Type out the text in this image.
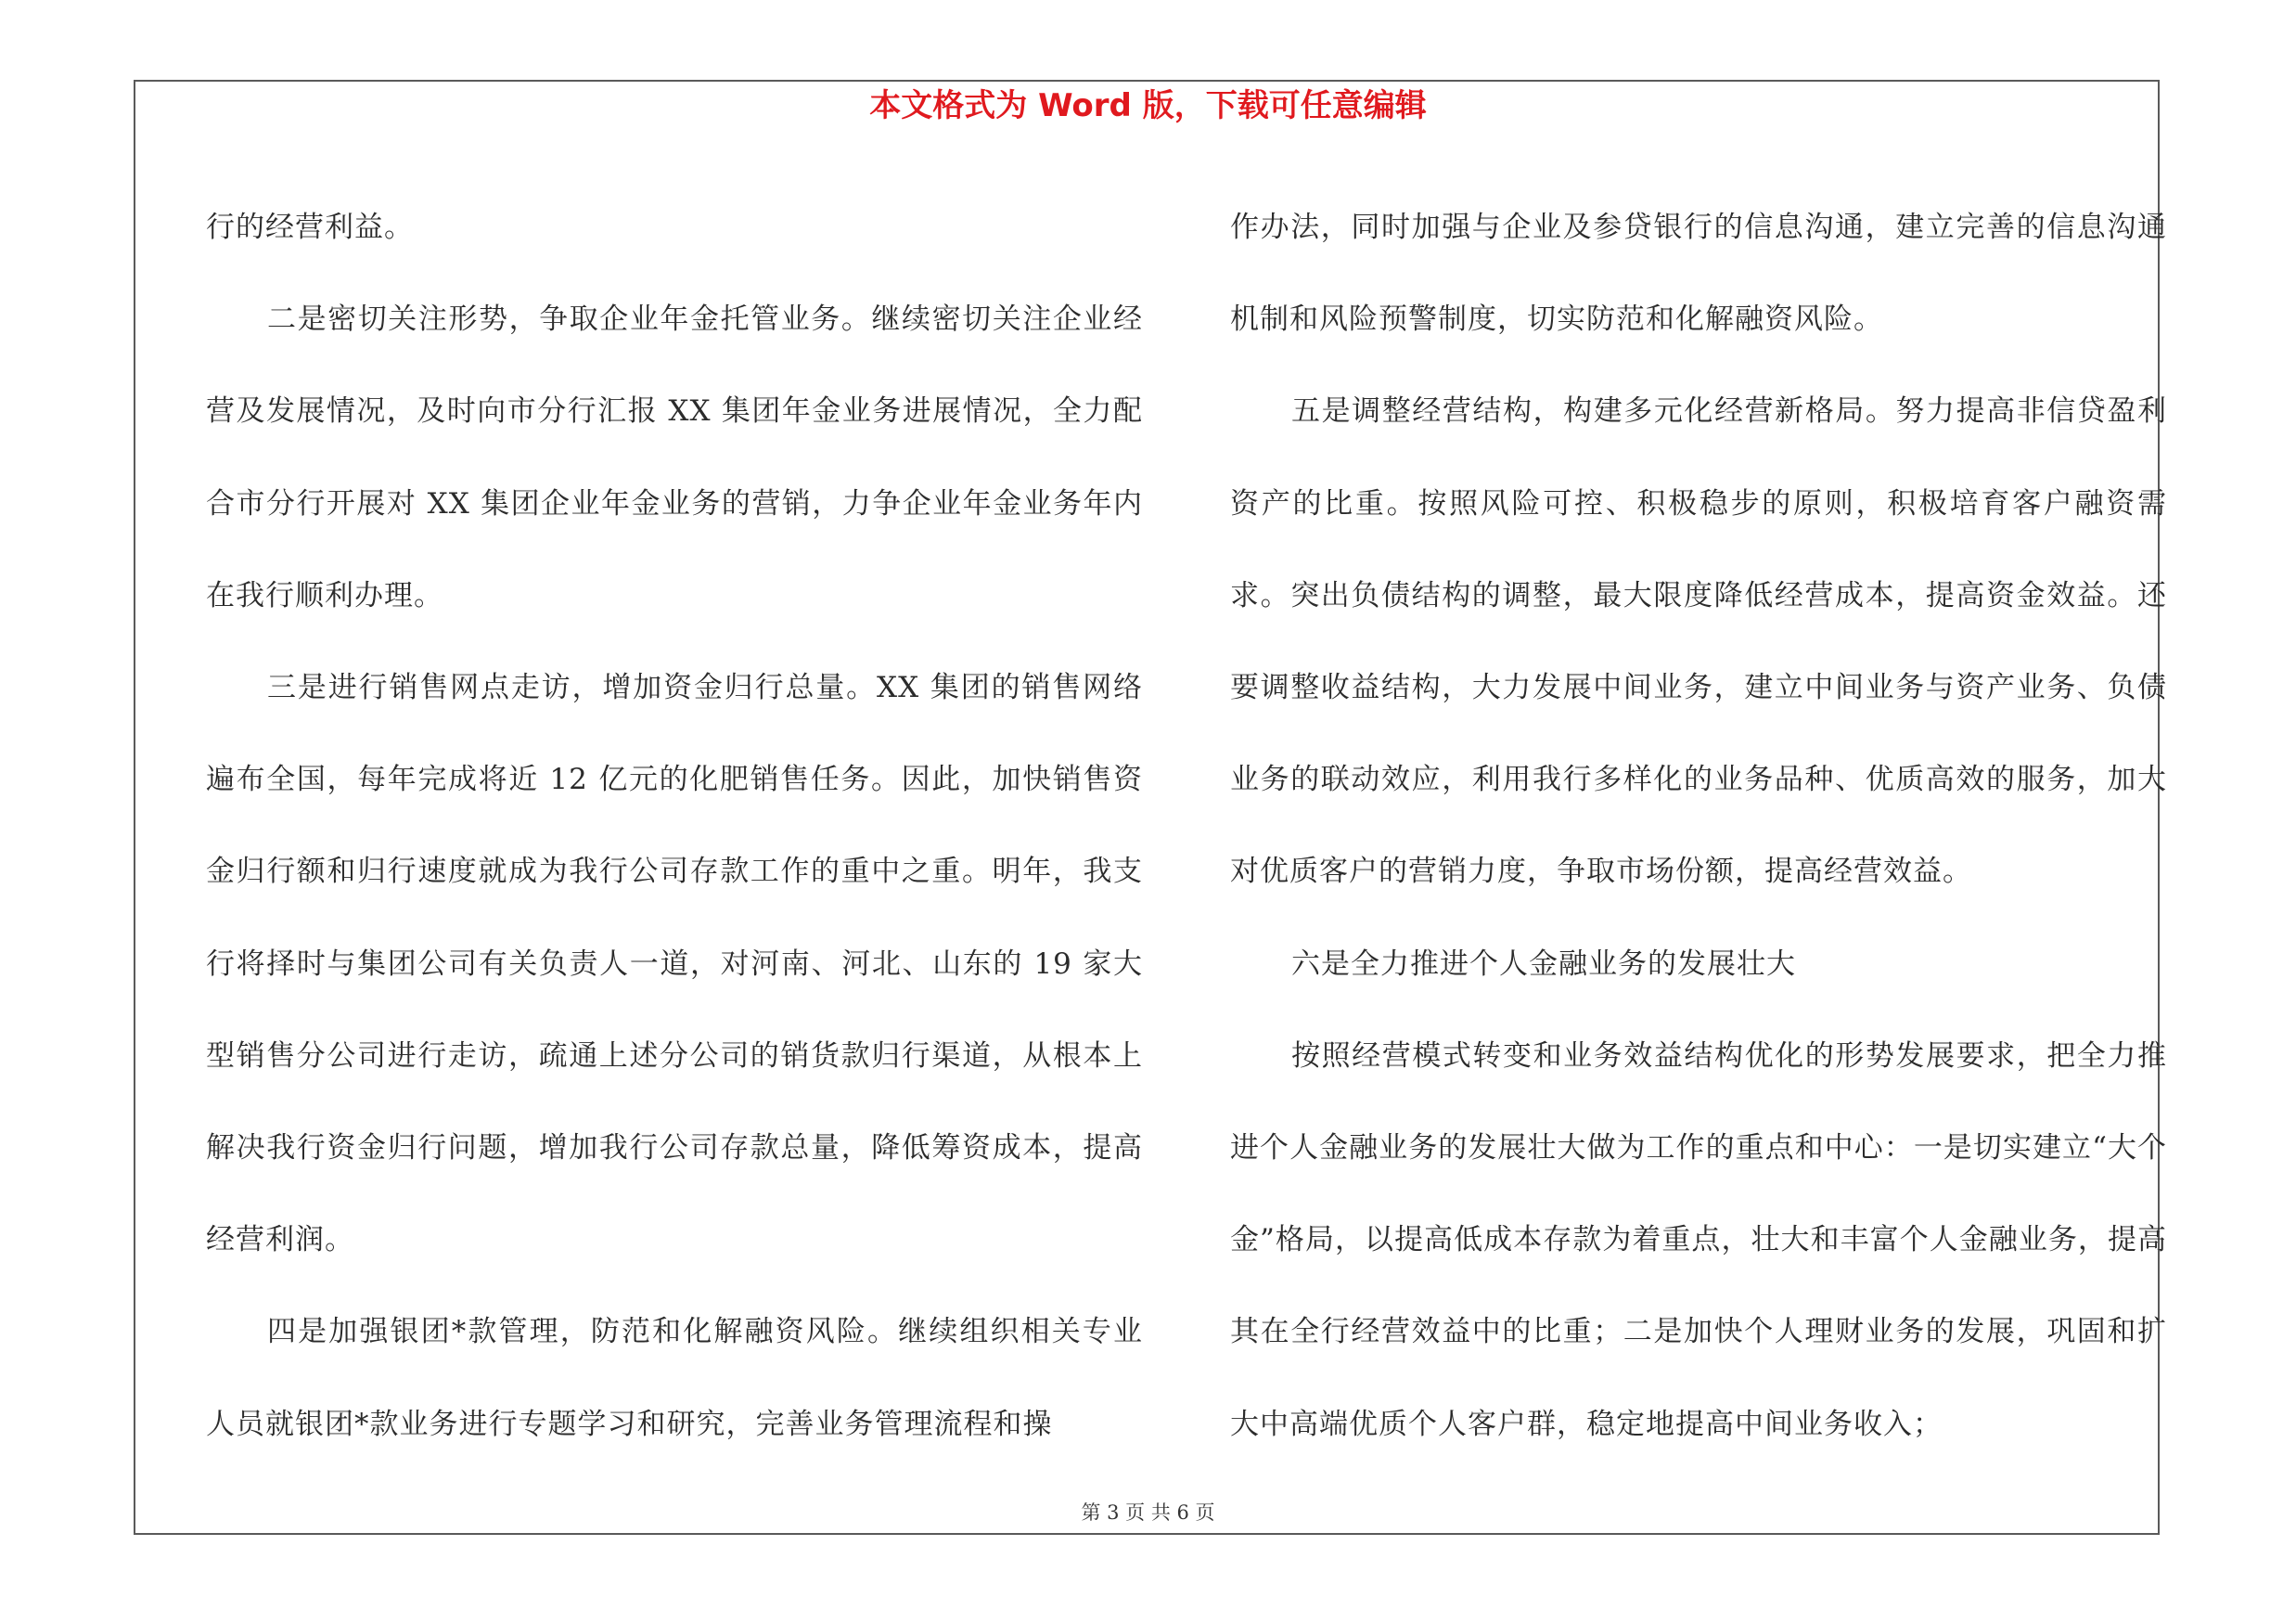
本文格式为 Word 版，下载可任意编辑

行的经营利益。

二是密切关注形势，争取企业年金托管业务。继续密切关注企业经营及发展情况，及时向市分行汇报 XX 集团年金业务进展情况，全力配合市分行开展对 XX 集团企业年金业务的营销，力争企业年金业务年内在我行顺利办理。

三是进行销售网点走访，增加资金归行总量。XX 集团的销售网络遍布全国，每年完成将近 12 亿元的化肥销售任务。因此，加快销售资金归行额和归行速度就成为我行公司存款工作的重中之重。明年，我支行将择时与集团公司有关负责人一道，对河南、河北、山东的 19 家大型销售分公司进行走访，疏通上述分公司的销货款归行渠道，从根本上解决我行资金归行问题，增加我行公司存款总量，降低筹资成本，提高经营利润。

四是加强银团*款管理，防范和化解融资风险。继续组织相关专业人员就银团*款业务进行专题学习和研究，完善业务管理流程和操

作办法，同时加强与企业及参贷银行的信息沟通，建立完善的信息沟通机制和风险预警制度，切实防范和化解融资风险。

五是调整经营结构，构建多元化经营新格局。努力提高非信贷盈利资产的比重。按照风险可控、积极稳步的原则，积极培育客户融资需求。突出负债结构的调整，最大限度降低经营成本，提高资金效益。还要调整收益结构，大力发展中间业务，建立中间业务与资产业务、负债业务的联动效应，利用我行多样化的业务品种、优质高效的服务，加大对优质客户的营销力度，争取市场份额，提高经营效益。

六是全力推进个人金融业务的发展壮大

按照经营模式转变和业务效益结构优化的形势发展要求，把全力推进个人金融业务的发展壮大做为工作的重点和中心：一是切实建立“大个金”格局，以提高低成本存款为着重点，壮大和丰富个人金融业务，提高其在全行经营效益中的比重；二是加快个人理财业务的发展，巩固和扩大中高端优质个人客户群，稳定地提高中间业务收入；

第 3 页 共 6 页
